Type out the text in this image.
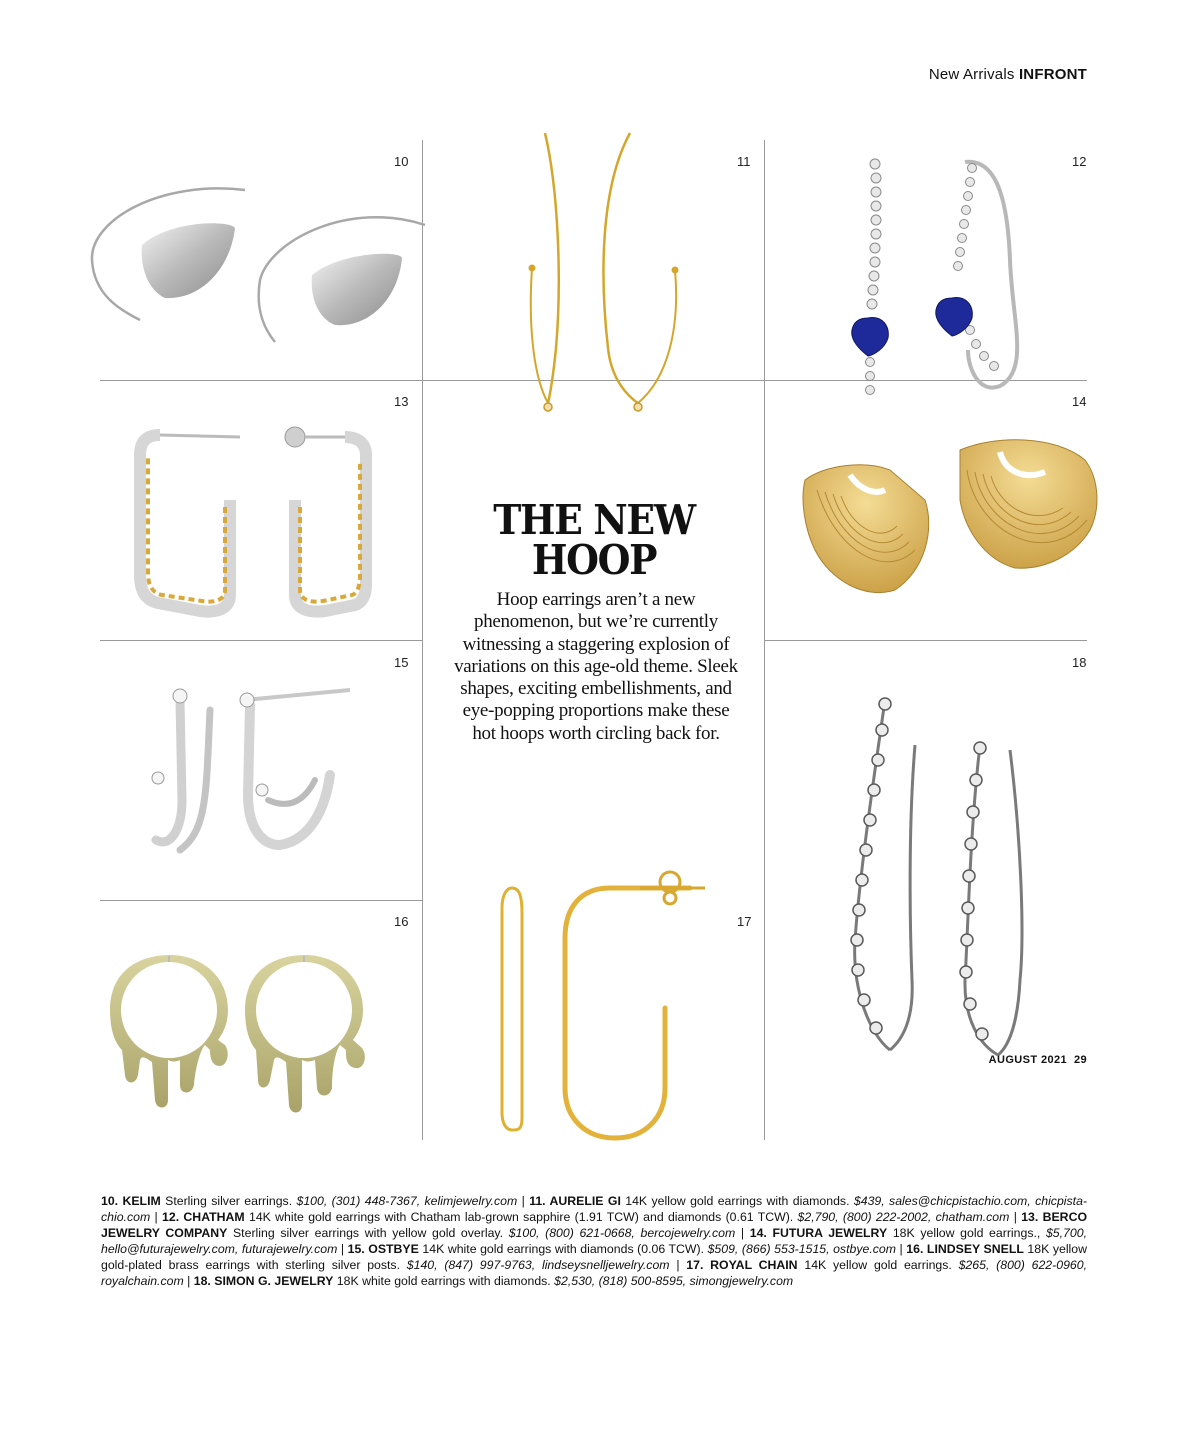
New Arrivals INFRONT
10	11	12
13	14
15	18
16	17
THE NEW
HOOP

Hoop earrings aren’t a new phenomenon, but we’re currently witnessing a staggering explosion of variations on this age-old theme. Sleek shapes, exciting embellishments, and eye-popping proportions make these hot hoops worth circling back for.

10. KELIM Sterling silver earrings. $100, (301) 448-7367, kelimjewelry.com | 11. AURELIE GI 14K yellow gold earrings with diamonds. $439, sales@chicpistachio.com, chicpista-chio.com | 12. CHATHAM 14K white gold earrings with Chatham lab-grown sapphire (1.91 TCW) and diamonds (0.61 TCW). $2,790, (800) 222-2002, chatham.com | 13. BERCO JEWELRY COMPANY Sterling silver earrings with yellow gold overlay. $100, (800) 621-0668, bercojewelry.com | 14. FUTURA JEWELRY 18K yellow gold earrings., $5,700, hello@futurajewelry.com, futurajewelry.com | 15. OSTBYE 14K white gold earrings with diamonds (0.06 TCW). $509, (866) 553-1515, ostbye.com | 16. LINDSEY SNELL 18K yellow gold-plated brass earrings with sterling silver posts. $140, (847) 997-9763, lindseysnelljewelry.com | 17. ROYAL CHAIN 14K yellow gold earrings. $265, (800) 622-0960, royalchain.com | 18. SIMON G. JEWELRY 18K white gold earrings with diamonds. $2,530, (818) 500-8595, simongjewelry.com

AUGUST 2021 29
